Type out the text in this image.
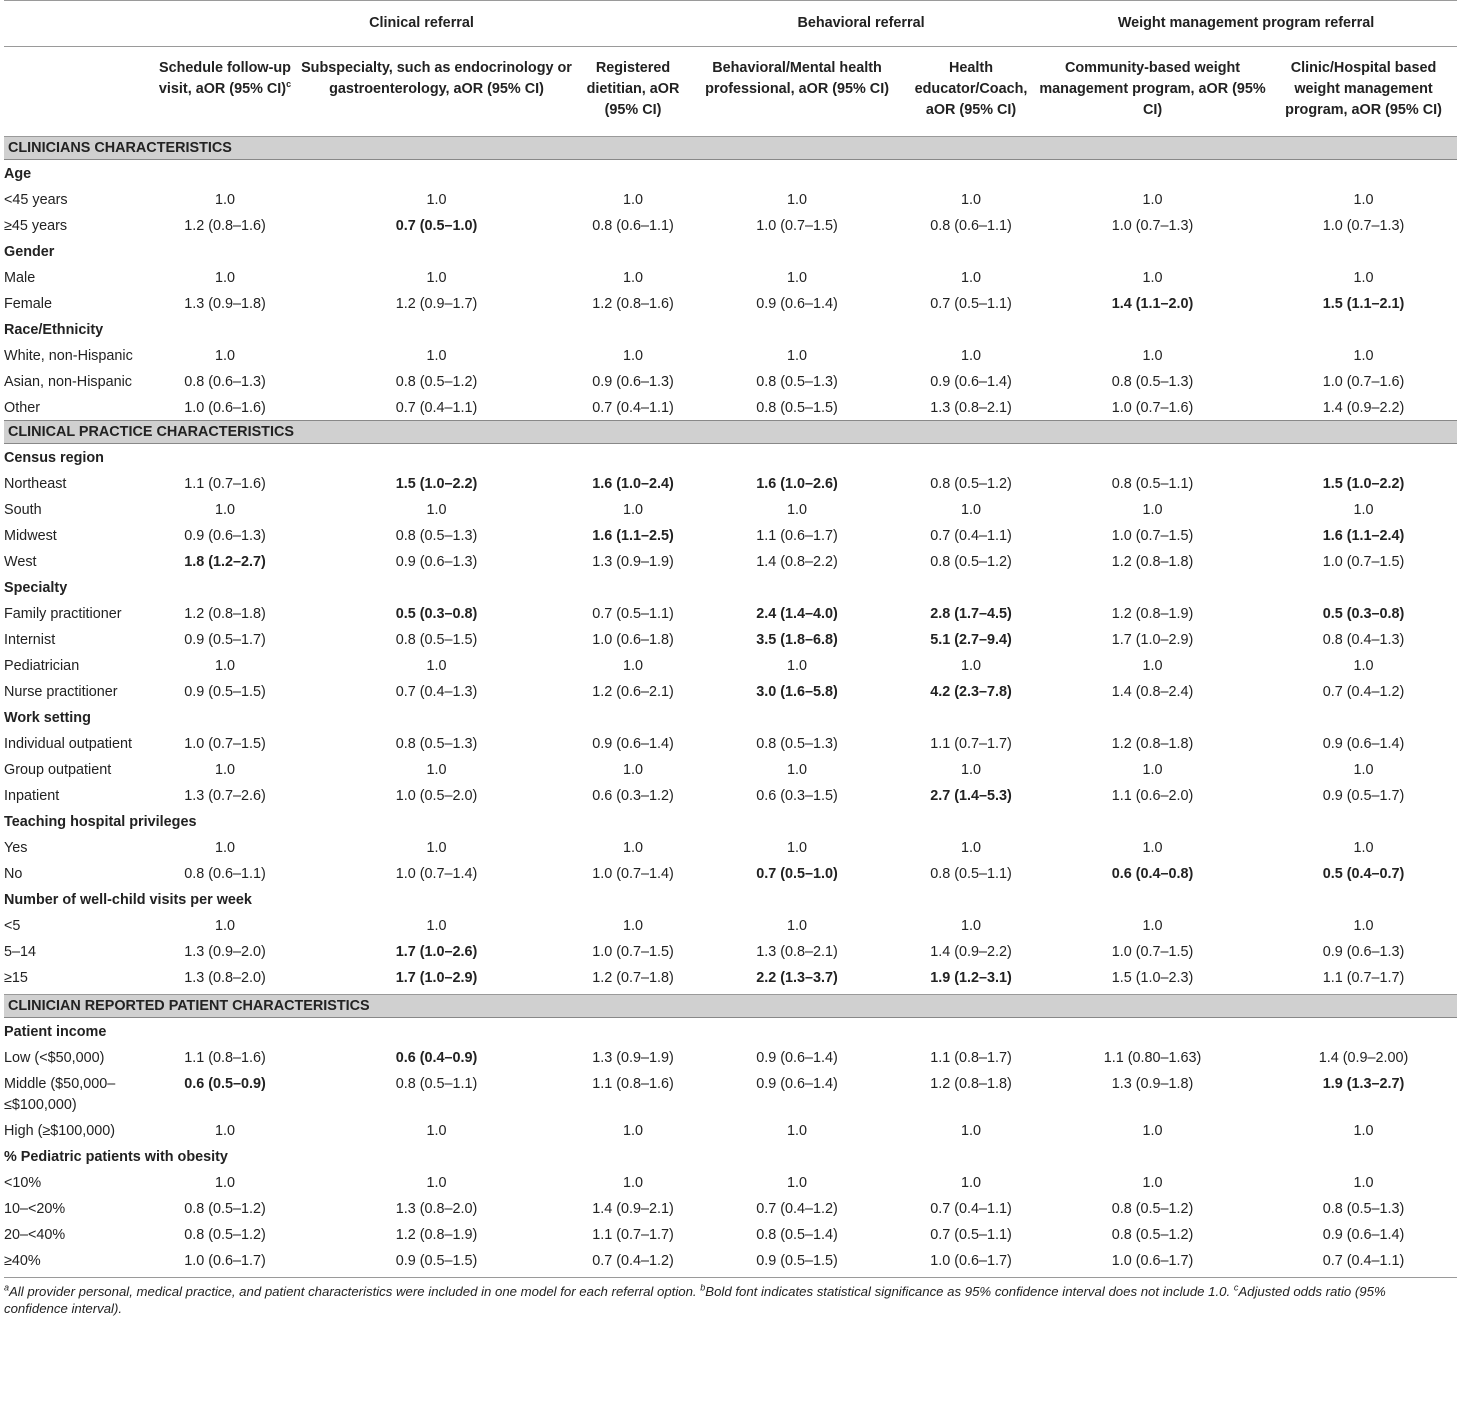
	Clinical referral			Behavioral referral		Weight management program referral	
	Schedule follow-up visit, aOR (95% CI)$^c$	Subspecialty, such as endocrinology or gastroenterology, aOR (95% CI)	Registered dietitian, aOR (95% CI)	Behavioral/Mental health professional, aOR (95% CI)	Health educator/Coach, aOR (95% CI)	Community-based weight management program, aOR (95% CI)	Clinic/Hospital based weight management program, aOR (95% CI)
CLINICIANS CHARACTERISTICS							
Age							
<45 years	1.0	1.0	1.0	1.0	1.0	1.0	1.0
≥45 years	1.2 (0.8–1.6)	0.7 (0.5–1.0)	0.8 (0.6–1.1)	1.0 (0.7–1.5)	0.8 (0.6–1.1)	1.0 (0.7–1.3)	1.0 (0.7–1.3)
Gender							
Male	1.0	1.0	1.0	1.0	1.0	1.0	1.0
Female	1.3 (0.9–1.8)	1.2 (0.9–1.7)	1.2 (0.8–1.6)	0.9 (0.6–1.4)	0.7 (0.5–1.1)	1.4 (1.1–2.0)	1.5 (1.1–2.1)
Race/Ethnicity							
White, non-Hispanic	1.0	1.0	1.0	1.0	1.0	1.0	1.0
Asian, non-Hispanic	0.8 (0.6–1.3)	0.8 (0.5–1.2)	0.9 (0.6–1.3)	0.8 (0.5–1.3)	0.9 (0.6–1.4)	0.8 (0.5–1.3)	1.0 (0.7–1.6)
Other	1.0 (0.6–1.6)	0.7 (0.4–1.1)	0.7 (0.4–1.1)	0.8 (0.5–1.5)	1.3 (0.8–2.1)	1.0 (0.7–1.6)	1.4 (0.9–2.2)
CLINICAL PRACTICE CHARACTERISTICS							
Census region							
Northeast	1.1 (0.7–1.6)	1.5 (1.0–2.2)	1.6 (1.0–2.4)	1.6 (1.0–2.6)	0.8 (0.5–1.2)	0.8 (0.5–1.1)	1.5 (1.0–2.2)
South	1.0	1.0	1.0	1.0	1.0	1.0	1.0
Midwest	0.9 (0.6–1.3)	0.8 (0.5–1.3)	1.6 (1.1–2.5)	1.1 (0.6–1.7)	0.7 (0.4–1.1)	1.0 (0.7–1.5)	1.6 (1.1–2.4)
West	1.8 (1.2–2.7)	0.9 (0.6–1.3)	1.3 (0.9–1.9)	1.4 (0.8–2.2)	0.8 (0.5–1.2)	1.2 (0.8–1.8)	1.0 (0.7–1.5)
Specialty							
Family practitioner	1.2 (0.8–1.8)	0.5 (0.3–0.8)	0.7 (0.5–1.1)	2.4 (1.4–4.0)	2.8 (1.7–4.5)	1.2 (0.8–1.9)	0.5 (0.3–0.8)
Internist	0.9 (0.5–1.7)	0.8 (0.5–1.5)	1.0 (0.6–1.8)	3.5 (1.8–6.8)	5.1 (2.7–9.4)	1.7 (1.0–2.9)	0.8 (0.4–1.3)
Pediatrician	1.0	1.0	1.0	1.0	1.0	1.0	1.0
Nurse practitioner	0.9 (0.5–1.5)	0.7 (0.4–1.3)	1.2 (0.6–2.1)	3.0 (1.6–5.8)	4.2 (2.3–7.8)	1.4 (0.8–2.4)	0.7 (0.4–1.2)
Work setting							
Individual outpatient	1.0 (0.7–1.5)	0.8 (0.5–1.3)	0.9 (0.6–1.4)	0.8 (0.5–1.3)	1.1 (0.7–1.7)	1.2 (0.8–1.8)	0.9 (0.6–1.4)
Group outpatient	1.0	1.0	1.0	1.0	1.0	1.0	1.0
Inpatient	1.3 (0.7–2.6)	1.0 (0.5–2.0)	0.6 (0.3–1.2)	0.6 (0.3–1.5)	2.7 (1.4–5.3)	1.1 (0.6–2.0)	0.9 (0.5–1.7)
Teaching hospital privileges							
Yes	1.0	1.0	1.0	1.0	1.0	1.0	1.0
No	0.8 (0.6–1.1)	1.0 (0.7–1.4)	1.0 (0.7–1.4)	0.7 (0.5–1.0)	0.8 (0.5–1.1)	0.6 (0.4–0.8)	0.5 (0.4–0.7)
Number of well-child visits per week							
<5	1.0	1.0	1.0	1.0	1.0	1.0	1.0
5–14	1.3 (0.9–2.0)	1.7 (1.0–2.6)	1.0 (0.7–1.5)	1.3 (0.8–2.1)	1.4 (0.9–2.2)	1.0 (0.7–1.5)	0.9 (0.6–1.3)
≥15	1.3 (0.8–2.0)	1.7 (1.0–2.9)	1.2 (0.7–1.8)	2.2 (1.3–3.7)	1.9 (1.2–3.1)	1.5 (1.0–2.3)	1.1 (0.7–1.7)

CLINICIAN REPORTED PATIENT CHARACTERISTICS							
Patient income							
Low (<$50,000)	1.1 (0.8–1.6)	0.6 (0.4–0.9)	1.3 (0.9–1.9)	0.9 (0.6–1.4)	1.1 (0.8–1.7)	1.1 (0.80–1.63)	1.4 (0.9–2.00)
Middle ($50,000–≤$100,000)	0.6 (0.5–0.9)	0.8 (0.5–1.1)	1.1 (0.8–1.6)	0.9 (0.6–1.4)	1.2 (0.8–1.8)	1.3 (0.9–1.8)	1.9 (1.3–2.7)
High (≥$100,000)	1.0	1.0	1.0	1.0	1.0	1.0	1.0
% Pediatric patients with obesity							
<10%	1.0	1.0	1.0	1.0	1.0	1.0	1.0
10–<20%	0.8 (0.5–1.2)	1.3 (0.8–2.0)	1.4 (0.9–2.1)	0.7 (0.4–1.2)	0.7 (0.4–1.1)	0.8 (0.5–1.2)	0.8 (0.5–1.3)
20–<40%	0.8 (0.5–1.2)	1.2 (0.8–1.9)	1.1 (0.7–1.7)	0.8 (0.5–1.4)	0.7 (0.5–1.1)	0.8 (0.5–1.2)	0.9 (0.6–1.4)
≥40%	1.0 (0.6–1.7)	0.9 (0.5–1.5)	0.7 (0.4–1.2)	0.9 (0.5–1.5)	1.0 (0.6–1.7)	1.0 (0.6–1.7)	0.7 (0.4–1.1)

$^a$All provider personal, medical practice, and patient characteristics were included in one model for each referral option. $^b$Bold font indicates statistical significance as 95% confidence interval does not include 1.0. $^c$Adjusted odds ratio (95% confidence interval).
